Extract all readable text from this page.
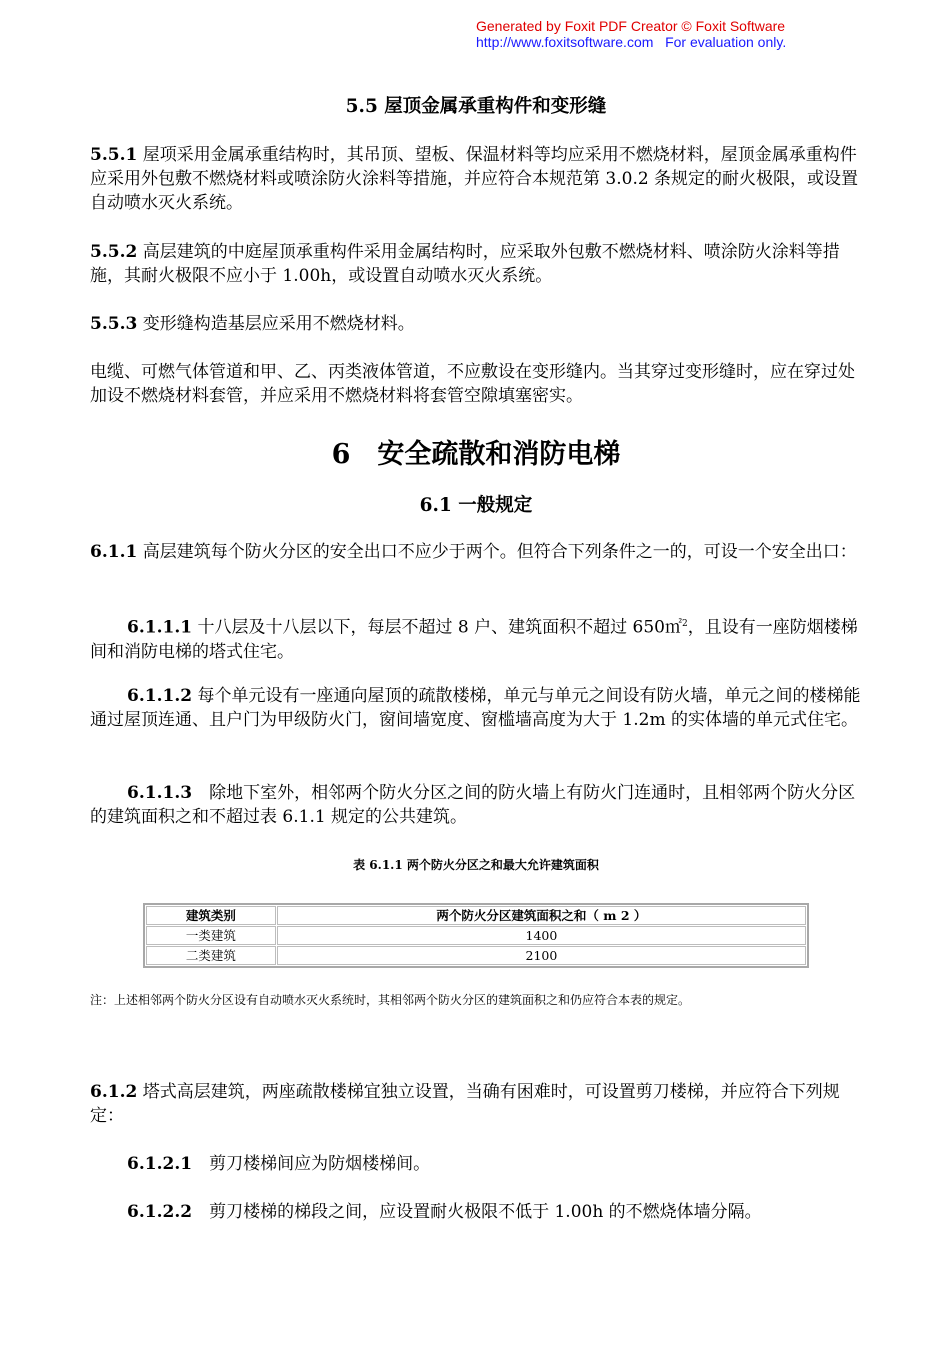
Generated by Foxit PDF Creator © Foxit Software
http://www.foxitsoftware.com For evaluation only.
5.5 屋顶金属承重构件和变形缝

5.5.1 屋项采用金属承重结构时，其吊顶、望板、保温材料等均应采用不燃烧材料，屋顶金属承重构件应采用外包敷不燃烧材料或喷涂防火涂料等措施，并应符合本规范第 3.0.2 条规定的耐火极限，或设置自动喷水灭火系统。

5.5.2 高层建筑的中庭屋顶承重构件采用金属结构时，应采取外包敷不燃烧材料、喷涂防火涂料等措施，其耐火极限不应小于 1.00h，或设置自动喷水灭火系统。

5.5.3 变形缝构造基层应采用不燃烧材料。

电缆、可燃气体管道和甲、乙、丙类液体管道，不应敷设在变形缝内。当其穿过变形缝时，应在穿过处加设不燃烧材料套管，并应采用不燃烧材料将套管空隙填塞密实。

6　安全疏散和消防电梯
6.1 一般规定

6.1.1 高层建筑每个防火分区的安全出口不应少于两个。但符合下列条件之一的，可设一个安全出口：

6.1.1.1 十八层及十八层以下，每层不超过 8 户、建筑面积不超过 650㎡$^2$，且设有一座防烟楼梯间和消防电梯的塔式住宅。

6.1.1.2 每个单元设有一座通向屋顶的疏散楼梯，单元与单元之间设有防火墙，单元之间的楼梯能通过屋顶连通、且户门为甲级防火门，窗间墙宽度、窗槛墙高度为大于 1.2m 的实体墙的单元式住宅。

6.1.1.3　除地下室外，相邻两个防火分区之间的防火墙上有防火门连通时，且相邻两个防火分区的建筑面积之和不超过表 6.1.1 规定的公共建筑。

表 6.1.1 两个防火分区之和最大允许建筑面积

建筑类别	两个防火分区建筑面积之和（ m 2 ）
一类建筑	1400
二类建筑	2100

注：上述相邻两个防火分区设有自动喷水灭火系统时，其相邻两个防火分区的建筑面积之和仍应符合本表的规定。

6.1.2 塔式高层建筑，两座疏散楼梯宜独立设置，当确有困难时，可设置剪刀楼梯，并应符合下列规定：

6.1.2.1　剪刀楼梯间应为防烟楼梯间。

6.1.2.2　剪刀楼梯的梯段之间，应设置耐火极限不低于 1.00h 的不燃烧体墙分隔。
